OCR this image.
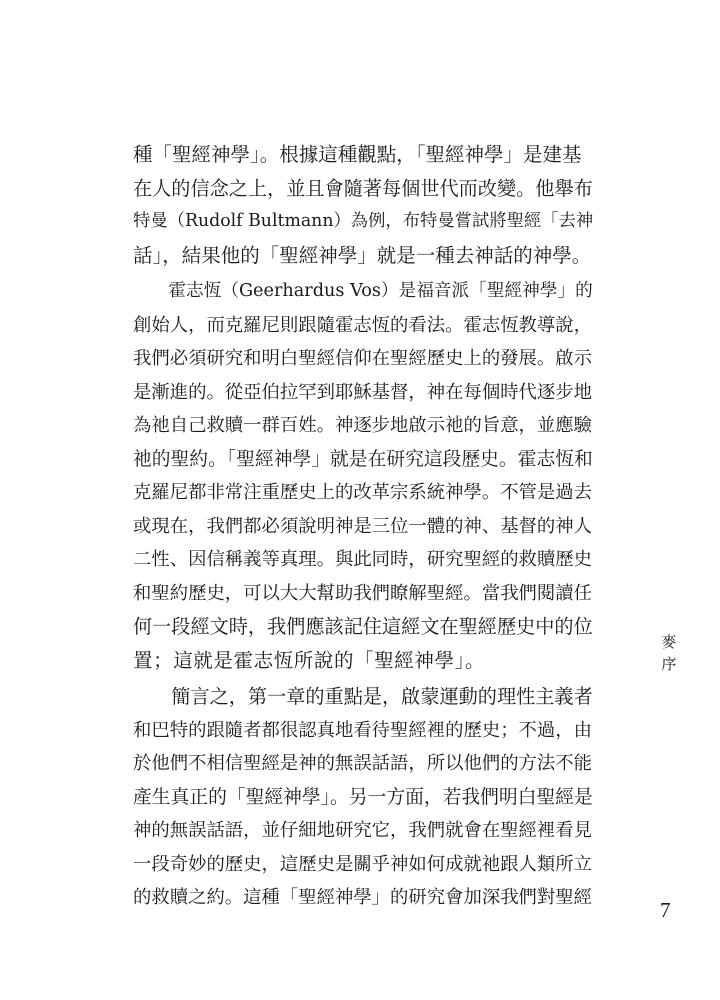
種「聖經神學」。根據這種觀點，「聖經神學」是建基
在人的信念之上，並且會隨著每個世代而改變。他舉布
特曼（Rudolf Bultmann）為例，布特曼嘗試將聖經「去神
話」，結果他的「聖經神學」就是一種去神話的神學。
　　霍志恆（Geerhardus Vos）是福音派「聖經神學」的
創始人，而克羅尼則跟隨霍志恆的看法。霍志恆教導說，
我們必須研究和明白聖經信仰在聖經歷史上的發展。啟示
是漸進的。從亞伯拉罕到耶穌基督，神在每個時代逐步地
為祂自己救贖一群百姓。神逐步地啟示祂的旨意，並應驗
祂的聖約。「聖經神學」就是在研究這段歷史。霍志恆和
克羅尼都非常注重歷史上的改革宗系統神學。不管是過去
或現在，我們都必須說明神是三位一體的神、基督的神人
二性、因信稱義等真理。與此同時，研究聖經的救贖歷史
和聖約歷史，可以大大幫助我們瞭解聖經。當我們閱讀任
何一段經文時，我們應該記住這經文在聖經歷史中的位
置；這就是霍志恆所說的「聖經神學」。
　　簡言之，第一章的重點是，啟蒙運動的理性主義者
和巴特的跟隨者都很認真地看待聖經裡的歷史；不過，由
於他們不相信聖經是神的無誤話語，所以他們的方法不能
產生真正的「聖經神學」。另一方面，若我們明白聖經是
神的無誤話語，並仔細地研究它，我們就會在聖經裡看見
一段奇妙的歷史，這歷史是關乎神如何成就祂跟人類所立
的救贖之約。這種「聖經神學」的研究會加深我們對聖經
麥
序
7
